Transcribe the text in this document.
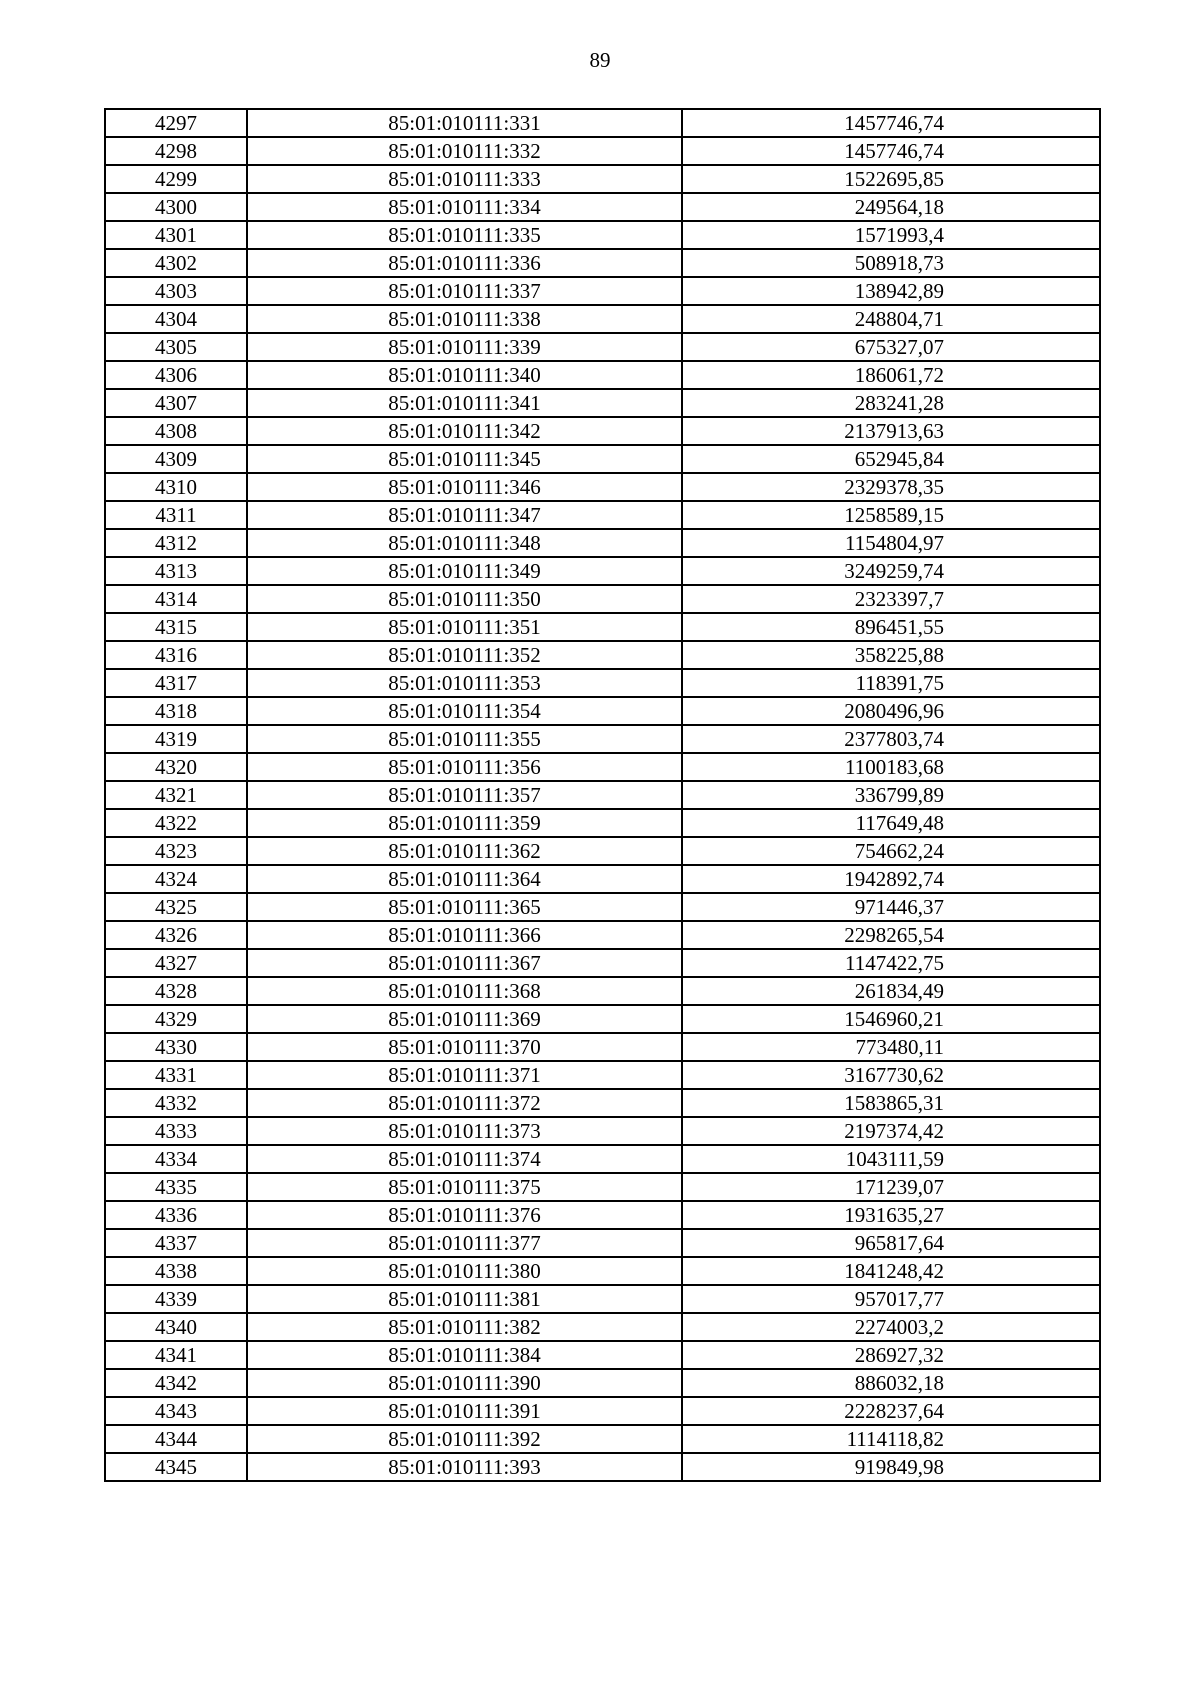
89
4297	85:01:010111:331	1457746,74
4298	85:01:010111:332	1457746,74
4299	85:01:010111:333	1522695,85
4300	85:01:010111:334	249564,18
4301	85:01:010111:335	1571993,4
4302	85:01:010111:336	508918,73
4303	85:01:010111:337	138942,89
4304	85:01:010111:338	248804,71
4305	85:01:010111:339	675327,07
4306	85:01:010111:340	186061,72
4307	85:01:010111:341	283241,28
4308	85:01:010111:342	2137913,63
4309	85:01:010111:345	652945,84
4310	85:01:010111:346	2329378,35
4311	85:01:010111:347	1258589,15
4312	85:01:010111:348	1154804,97
4313	85:01:010111:349	3249259,74
4314	85:01:010111:350	2323397,7
4315	85:01:010111:351	896451,55
4316	85:01:010111:352	358225,88
4317	85:01:010111:353	118391,75
4318	85:01:010111:354	2080496,96
4319	85:01:010111:355	2377803,74
4320	85:01:010111:356	1100183,68
4321	85:01:010111:357	336799,89
4322	85:01:010111:359	117649,48
4323	85:01:010111:362	754662,24
4324	85:01:010111:364	1942892,74
4325	85:01:010111:365	971446,37
4326	85:01:010111:366	2298265,54
4327	85:01:010111:367	1147422,75
4328	85:01:010111:368	261834,49
4329	85:01:010111:369	1546960,21
4330	85:01:010111:370	773480,11
4331	85:01:010111:371	3167730,62
4332	85:01:010111:372	1583865,31
4333	85:01:010111:373	2197374,42
4334	85:01:010111:374	1043111,59
4335	85:01:010111:375	171239,07
4336	85:01:010111:376	1931635,27
4337	85:01:010111:377	965817,64
4338	85:01:010111:380	1841248,42
4339	85:01:010111:381	957017,77
4340	85:01:010111:382	2274003,2
4341	85:01:010111:384	286927,32
4342	85:01:010111:390	886032,18
4343	85:01:010111:391	2228237,64
4344	85:01:010111:392	1114118,82
4345	85:01:010111:393	919849,98
